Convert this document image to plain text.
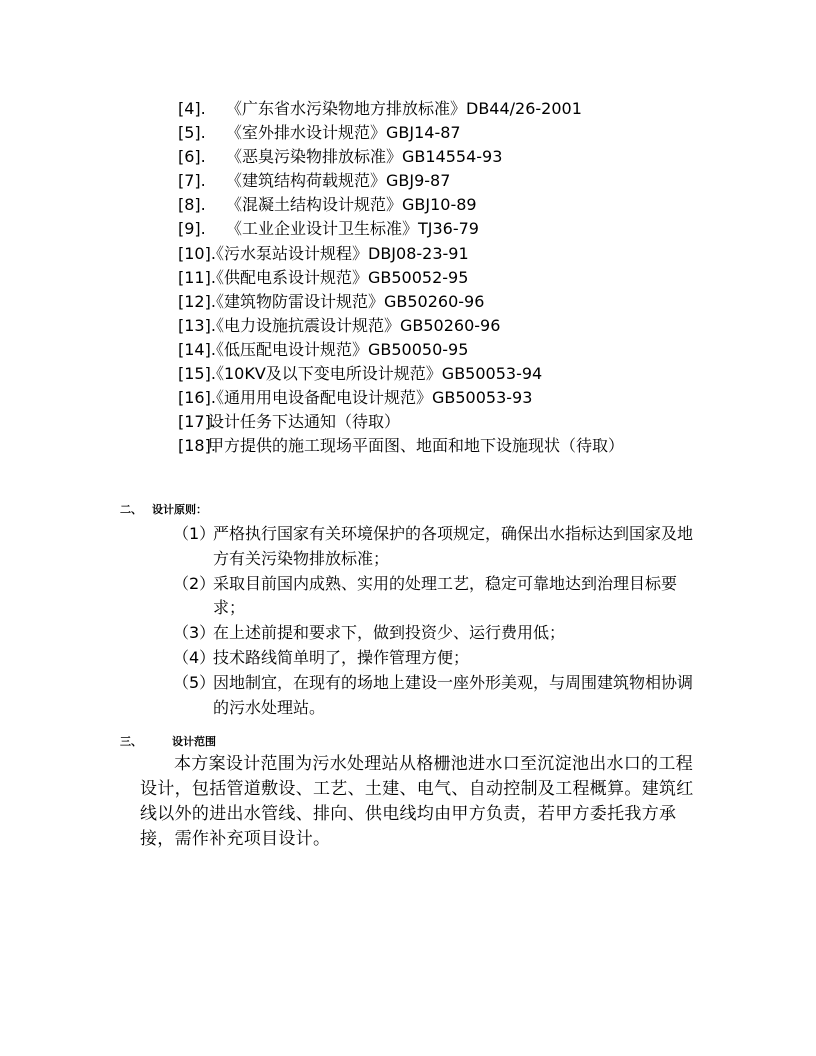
[4].	《广东省水污染物地方排放标准》DB44/26-2001
[5].	《室外排水设计规范》GBJ14-87
[6].	《恶臭污染物排放标准》GB14554-93
[7].	《建筑结构荷载规范》GBJ9-87
[8].	《混凝土结构设计规范》GBJ10-89
[9].	《工业企业设计卫生标准》TJ36-79
[10].
《污水泵站设计规程》DBJ08-23-91
[11].
《供配电系设计规范》GB50052-95
[12].
《建筑物防雷设计规范》GB50260-96
[13].
《电力设施抗震设计规范》GB50260-96
[14].
《低压配电设计规范》GB50050-95
[15].
《10KV及以下变电所设计规范》GB50053-94
[16].
《通用用电设备配电设计规范》GB50053-93
[17].
设计任务下达通知（待取）
[18].
甲方提供的施工现场平面图、地面和地下设施现状（待取）
二、 设计原则：
（1）
严格执行国家有关环境保护的各项规定，确保出水指标达到国家及地方有关污染物排放标准；
（2）
采取目前国内成熟、实用的处理工艺，稳定可靠地达到治理目标要求；
（3）
在上述前提和要求下，做到投资少、运行费用低；
（4）
技术路线简单明了，操作管理方便；
（5）
因地制宜，在现有的场地上建设一座外形美观，与周围建筑物相协调的污水处理站。
三、	设计范围
本方案设计范围为污水处理站从格栅池进水口至沉淀池出水口的工程设计，包括管道敷设、工艺、土建、电气、自动控制及工程概算。建筑红线以外的进出水管线、排向、供电线均由甲方负责，若甲方委托我方承接，需作补充项目设计。
